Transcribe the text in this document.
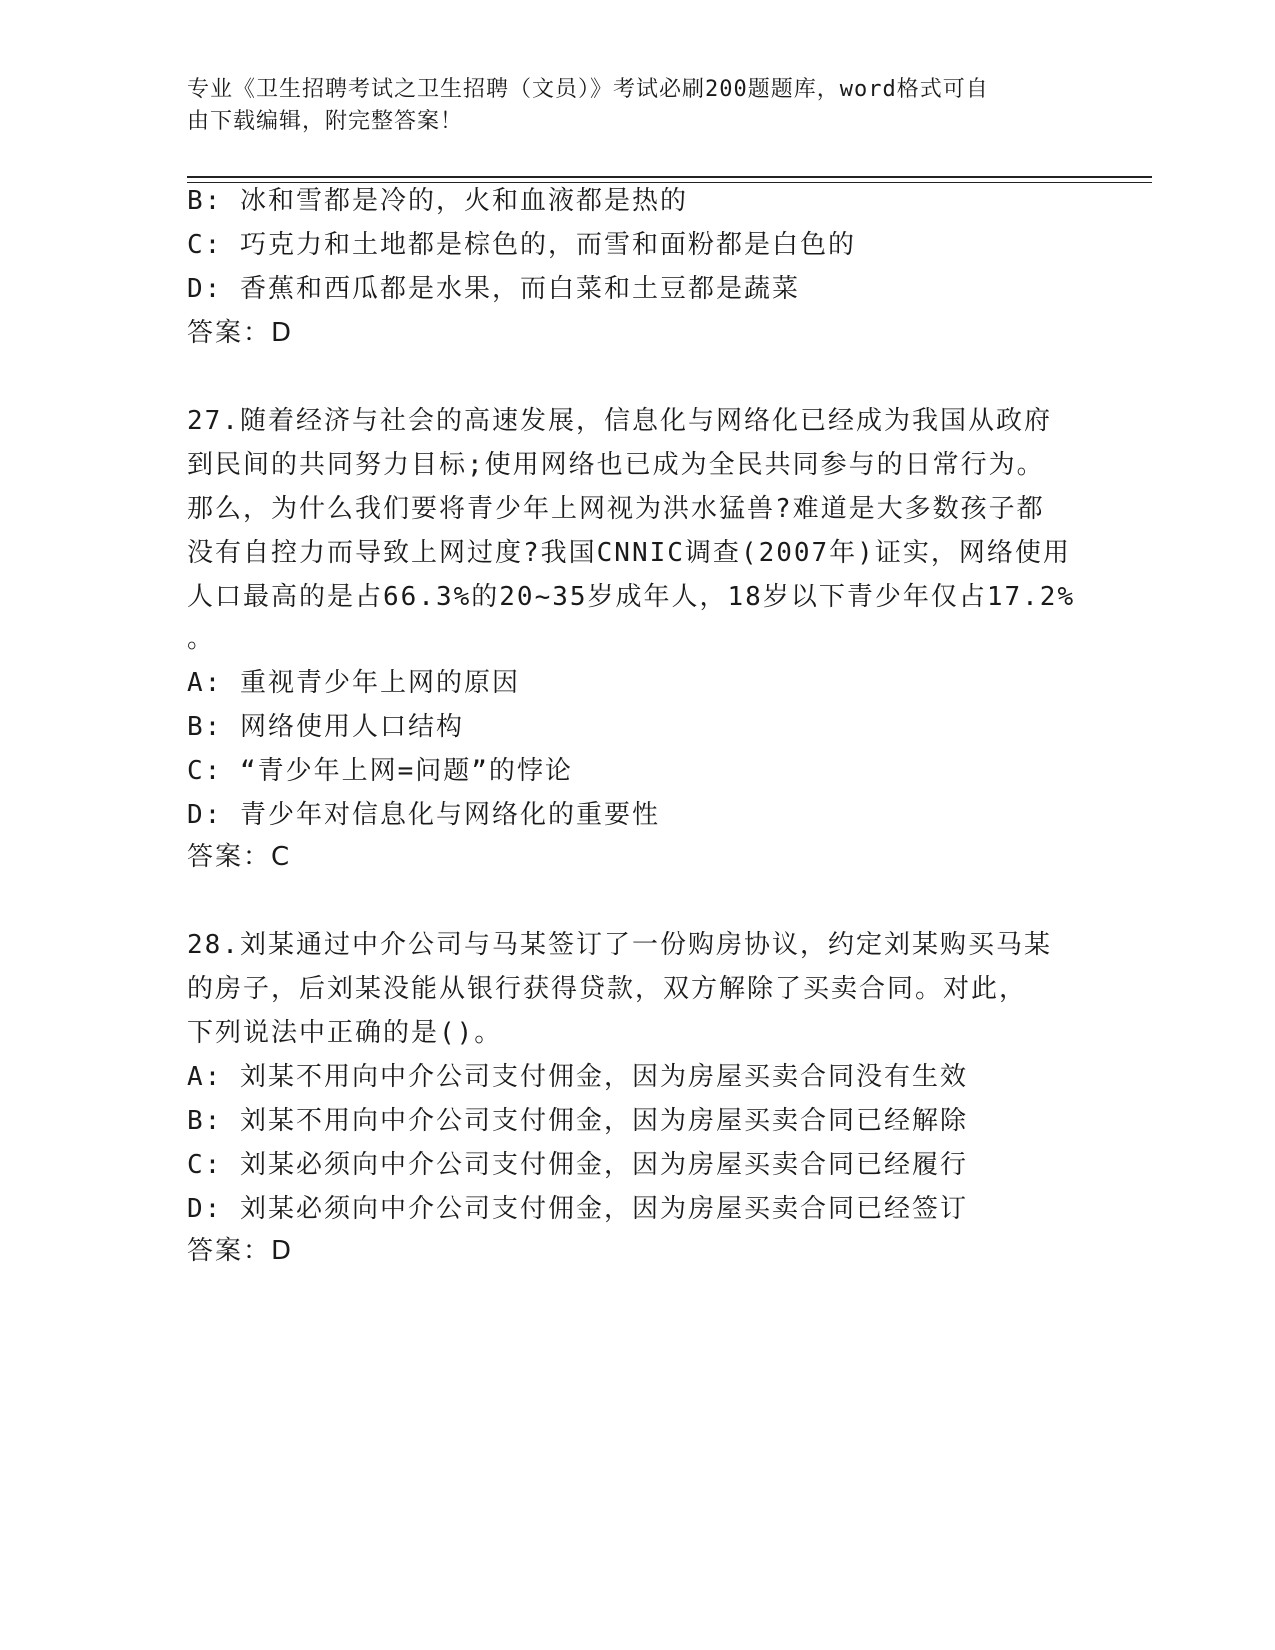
专业《卫生招聘考试之卫生招聘（文员）》考试必刷200题题库，word格式可自
由下载编辑，附完整答案！
B: 冰和雪都是冷的，火和血液都是热的
C: 巧克力和土地都是棕色的，而雪和面粉都是白色的
D: 香蕉和西瓜都是水果，而白菜和土豆都是蔬菜
答案：D
27.随着经济与社会的高速发展，信息化与网络化已经成为我国从政府
到民间的共同努力目标;使用网络也已成为全民共同参与的日常行为。
那么，为什么我们要将青少年上网视为洪水猛兽?难道是大多数孩子都
没有自控力而导致上网过度?我国CNNIC调查(2007年)证实，网络使用
人口最高的是占66.3%的20~35岁成年人，18岁以下青少年仅占17.2%
。
A: 重视青少年上网的原因
B: 网络使用人口结构
C: “青少年上网=问题”的悖论
D: 青少年对信息化与网络化的重要性
答案：C
28.刘某通过中介公司与马某签订了一份购房协议，约定刘某购买马某
的房子，后刘某没能从银行获得贷款，双方解除了买卖合同。对此，
下列说法中正确的是()。
A: 刘某不用向中介公司支付佣金，因为房屋买卖合同没有生效
B: 刘某不用向中介公司支付佣金，因为房屋买卖合同已经解除
C: 刘某必须向中介公司支付佣金，因为房屋买卖合同已经履行
D: 刘某必须向中介公司支付佣金，因为房屋买卖合同已经签订
答案：D
